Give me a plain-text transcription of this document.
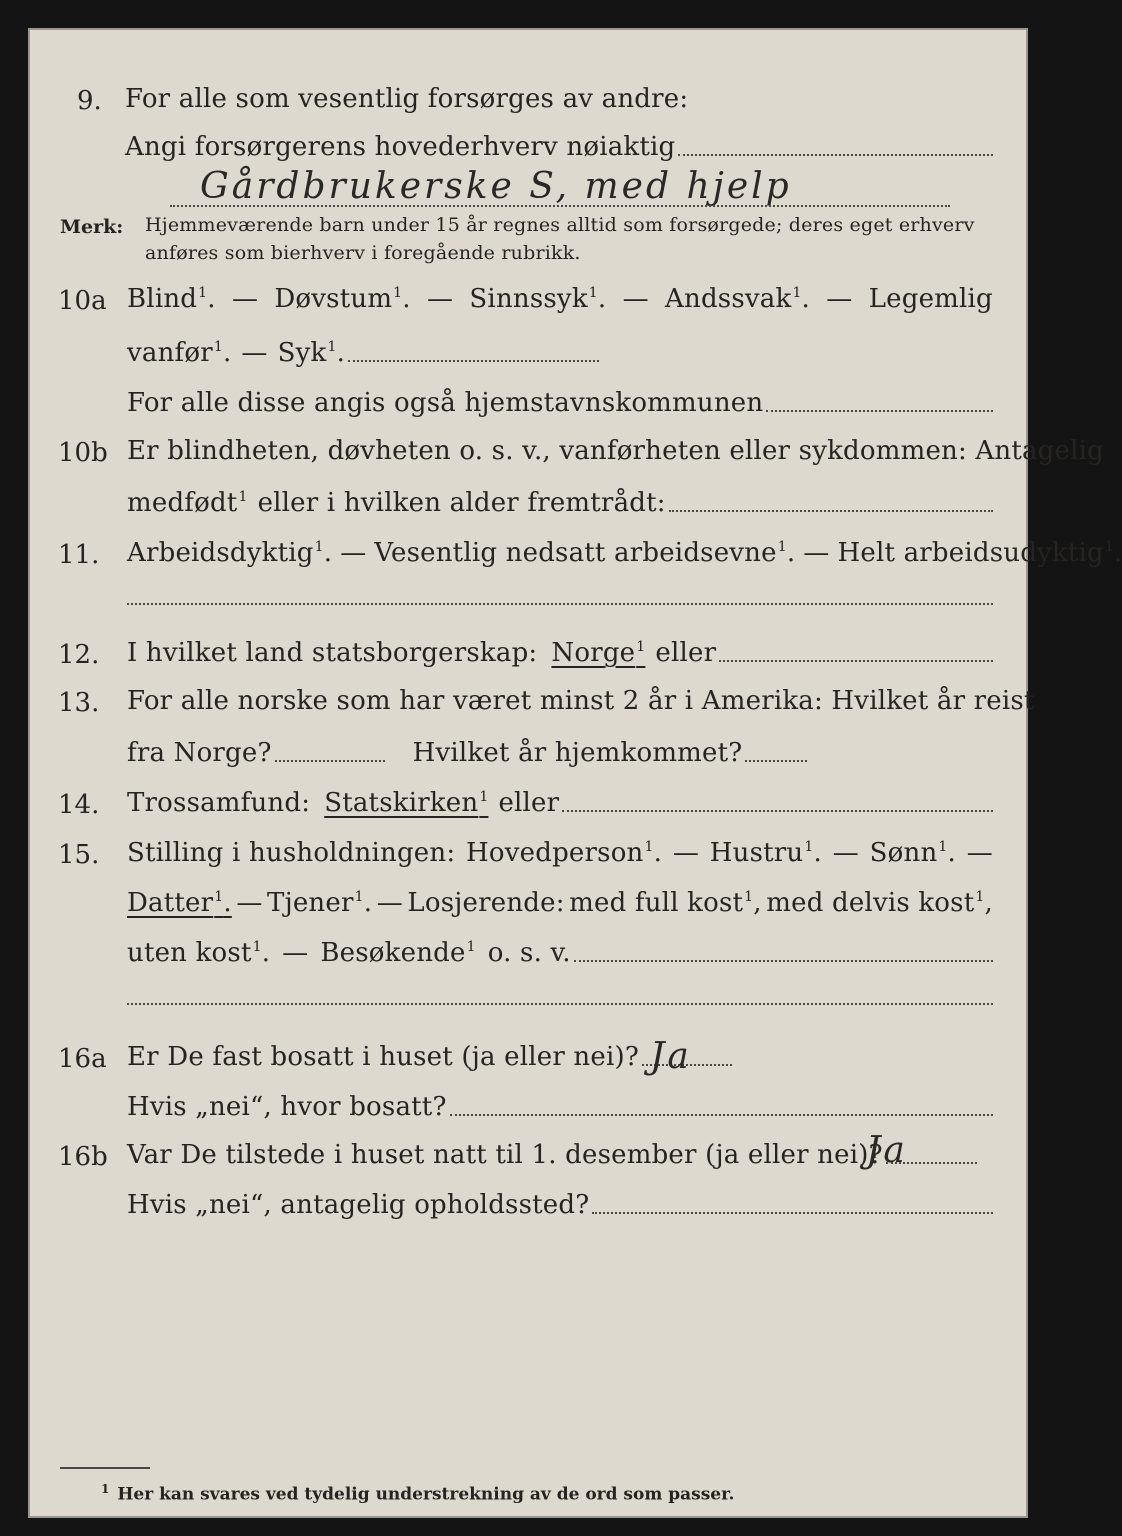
9. For alle som vesentlig forsørges av andre:
Angi forsørgerens hovederhverv nøiaktig
Gårdbrukerske S, med hjelp
Merk: Hjemmeværende barn under 15 år regnes alltid som forsørgede; deres eget erhverv
anføres som bierhverv i foregående rubrikk.
10a Blind$^1$. — Døvstum$^1$. — Sinnssyk$^1$. — Andssvak$^1$. — Legemlig
vanfør$^1$. — Syk$^1$.
For alle disse angis også hjemstavnskommunen
10b Er blindheten, døvheten o. s. v., vanførheten eller sykdommen: Antagelig
medfødt$^1$ eller i hvilken alder fremtrådt:
11. Arbeidsdyktig$^1$. — Vesentlig nedsatt arbeidsevne$^1$. — Helt arbeidsudyktig$^1$.
12. I hvilket land statsborgerskap: Norge$^1$ eller
13. For alle norske som har været minst 2 år i Amerika: Hvilket år reist
fra Norge?	Hvilket år hjemkommet?
14. Trossamfund: Statskirken$^1$ eller
15. Stilling i husholdningen: Hovedperson$^1$. — Hustru$^1$. — Sønn$^1$. —
Datter$^1$. — Tjener$^1$. — Losjerende: med full kost$^1$, med delvis kost$^1$,
uten kost$^1$. — Besøkende$^1$ o. s. v.
16a Er De fast bosatt i huset (ja eller nei)? Ja
Hvis „nei“, hvor bosatt?
16b Var De tilstede i huset natt til 1. desember (ja eller nei)?
Ja
Hvis „nei“, antagelig opholdssted?
$^1$ Her kan svares ved tydelig understrekning av de ord som passer.
